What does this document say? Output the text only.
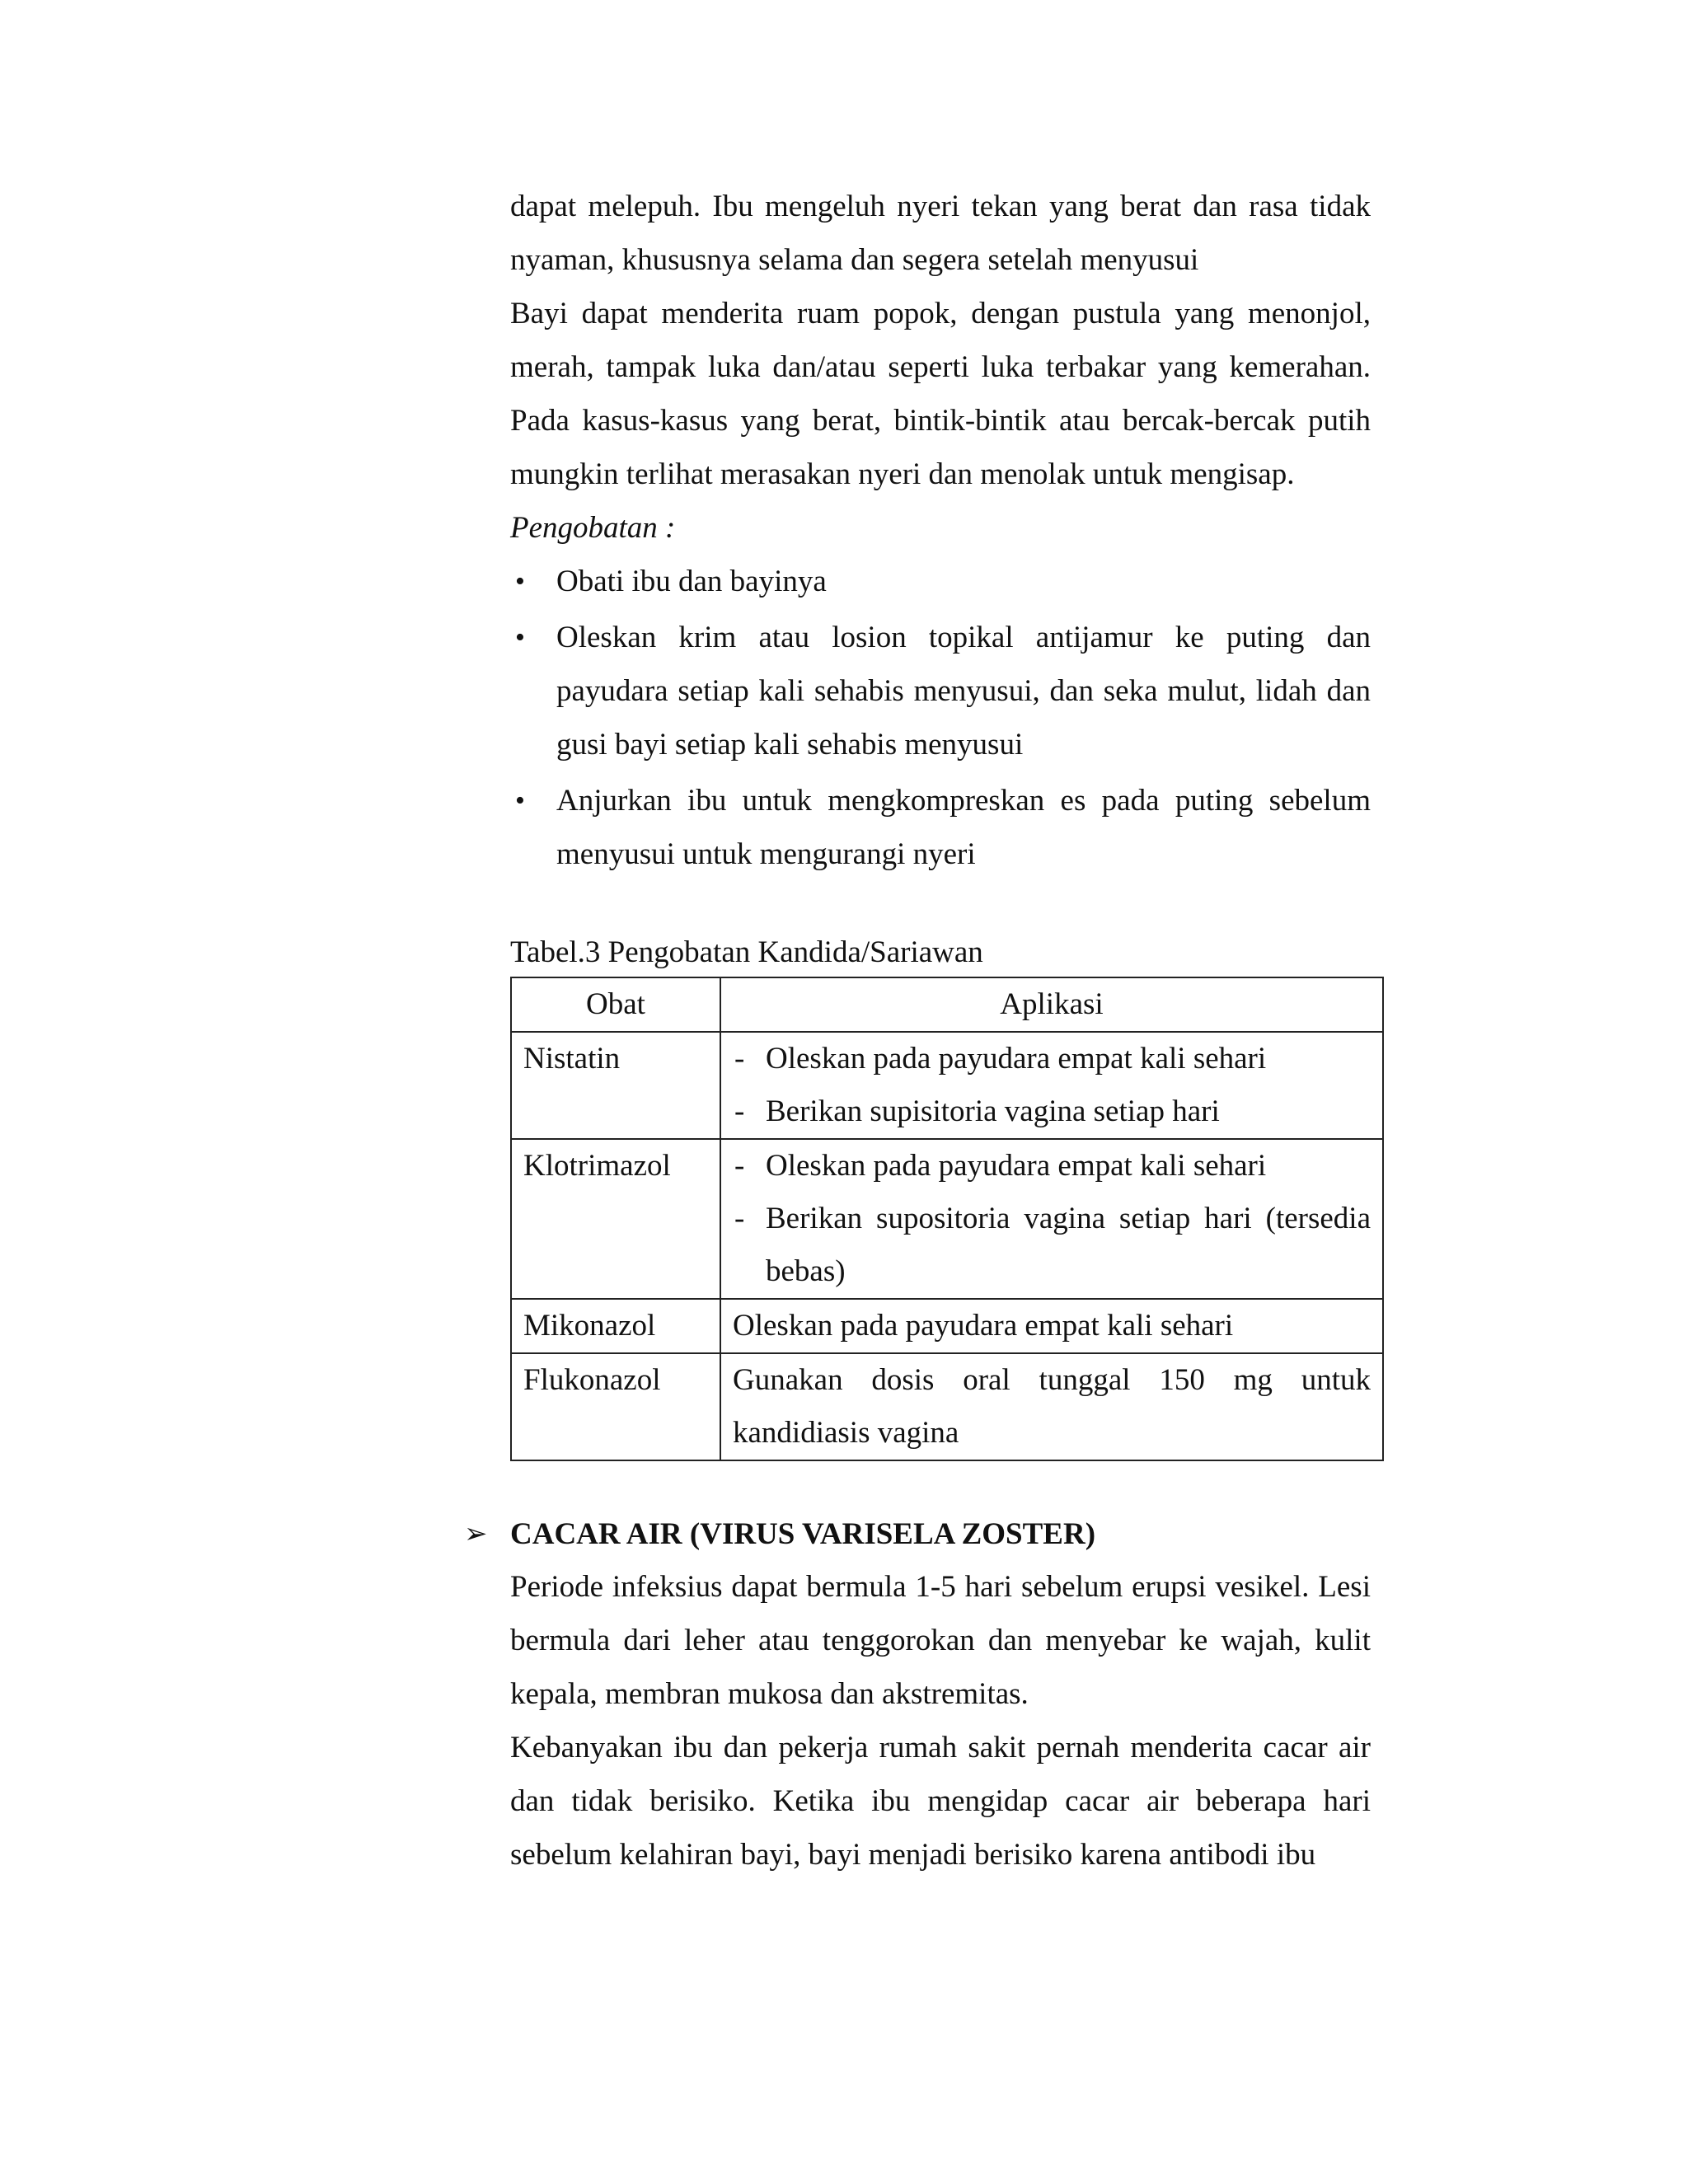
dapat melepuh. Ibu mengeluh nyeri tekan yang berat dan rasa tidak nyaman, khususnya selama dan segera setelah menyusui

Bayi dapat menderita ruam popok, dengan pustula yang menonjol, merah, tampak luka dan/atau seperti luka terbakar yang kemerahan. Pada kasus-kasus yang berat, bintik-bintik atau bercak-bercak putih mungkin terlihat merasakan nyeri dan menolak untuk mengisap.

Pengobatan :

• Obati ibu dan bayinya
• Oleskan krim atau losion topikal antijamur ke puting dan payudara setiap kali sehabis menyusui, dan seka mulut, lidah dan gusi bayi setiap kali sehabis menyusui
• Anjurkan ibu untuk mengkompreskan es pada puting sebelum menyusui untuk mengurangi nyeri
Tabel.3 Pengobatan Kandida/Sariawan
Obat	Aplikasi
Nistatin	- Oleskan pada payudara empat kali sehari
- Berikan supisitoria vagina setiap hari

Klotrimazol	- Oleskan pada payudara empat kali sehari
- Berikan supositoria vagina setiap hari (tersedia bebas)

Mikonazol	Oleskan pada payudara empat kali sehari
Flukonazol	Gunakan dosis oral tunggal 150 mg untuk kandidiasis vagina
➢ CACAR AIR (VIRUS VARISELA ZOSTER)

Periode infeksius dapat bermula 1-5 hari sebelum erupsi vesikel. Lesi bermula dari leher atau tenggorokan dan menyebar ke wajah, kulit kepala, membran mukosa dan akstremitas.

Kebanyakan ibu dan pekerja rumah sakit pernah menderita cacar air dan tidak berisiko. Ketika ibu mengidap cacar air beberapa hari sebelum kelahiran bayi, bayi menjadi berisiko karena antibodi ibu
